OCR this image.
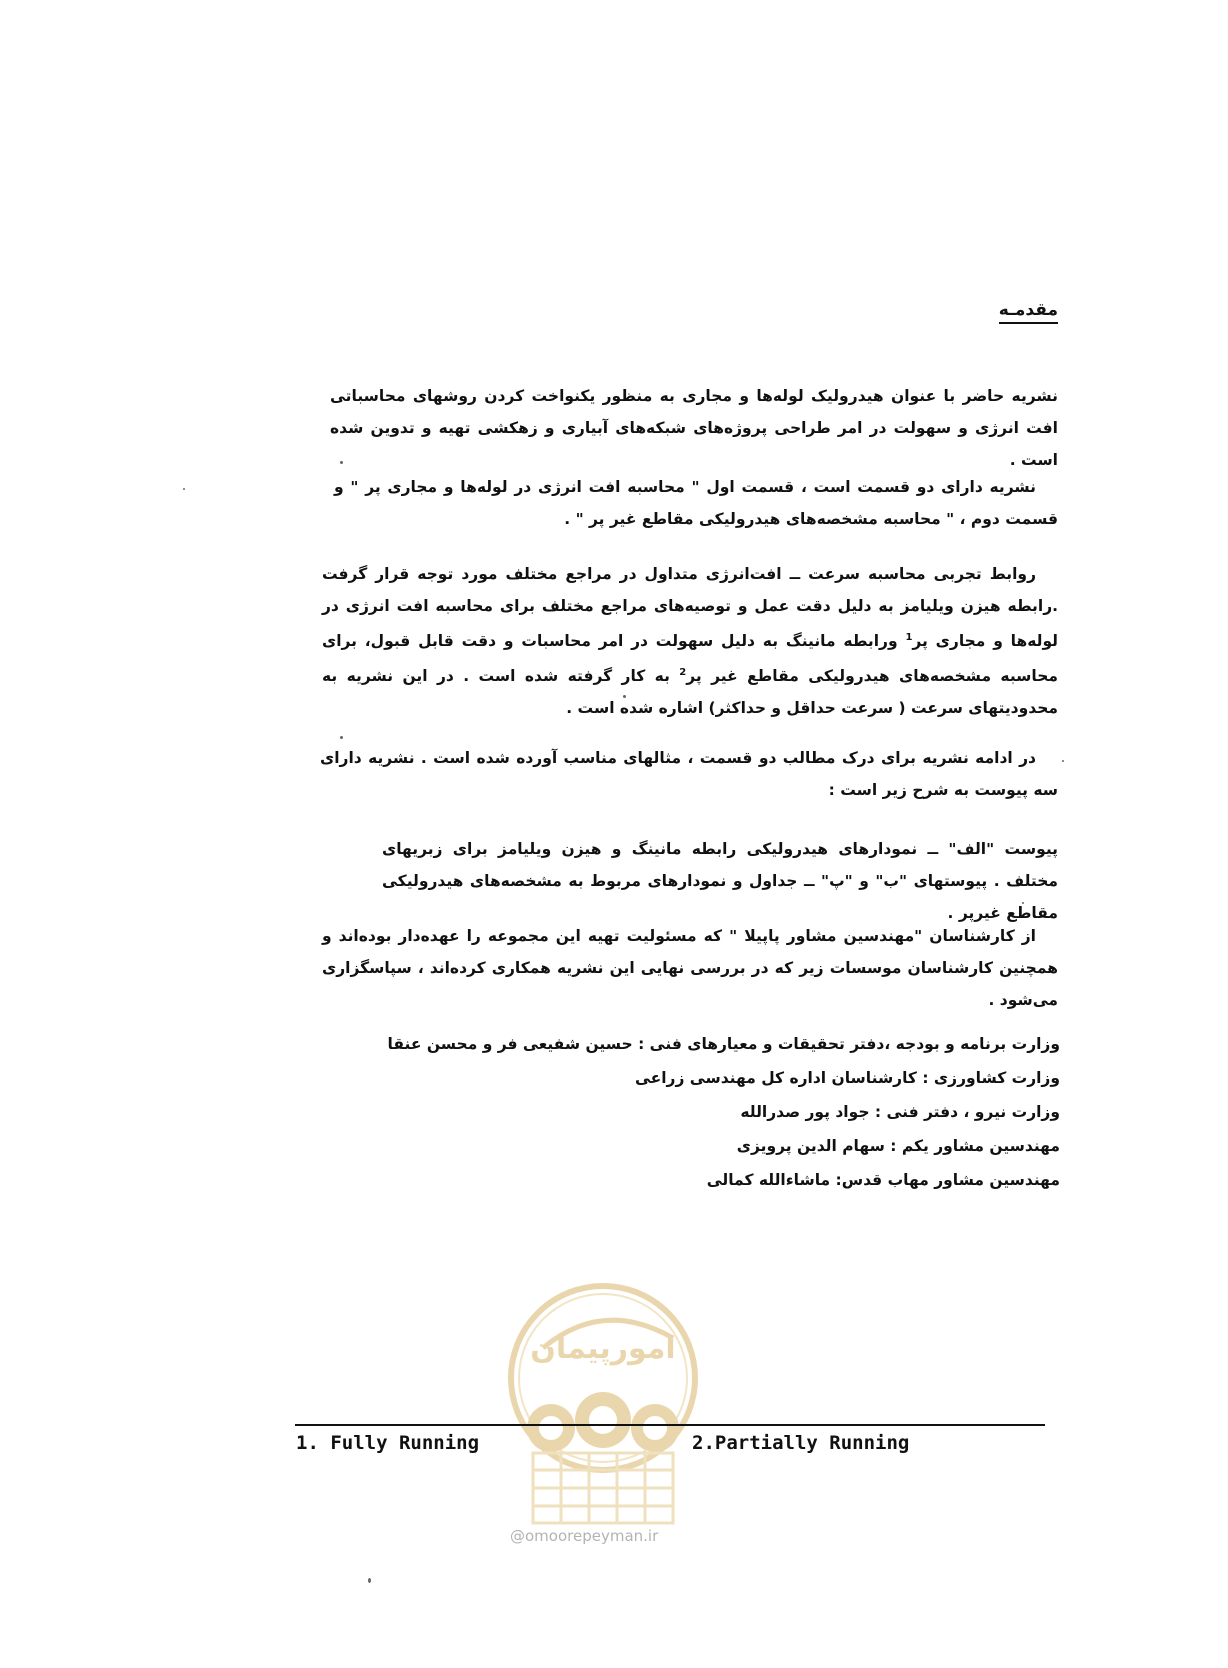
مقدمـه
نشریه حاضر با عنوان هیدرولیک لوله‌ها و مجاری به منظور یکنواخت کردن روشهای محاسباتی افت انرژی و سهولت در امر طراحی پروژه‌های شبکه‌های آبیاری و زهکشی تهیه و تدوین شده است .
نشریه دارای دو قسمت است ، قسمت اول " محاسبه افت انرژی در لوله‌ها و مجاری پر " و قسمت دوم ، " محاسبه مشخصه‌های هیدرولیکی مقاطع غیر پر " .
روابط تجربی محاسبه سرعت ــ افت‌انرژی متداول در مراجع مختلف مورد توجه قرار گرفت .رابطه هیزن ویلیامز به دلیل دقت عمل و توصیه‌های مراجع مختلف برای محاسبه افت انرژی در لوله‌ها و مجاری پر$^1$ ورابطه مانینگ به دلیل سهولت در امر محاسبات و دقت قابل قبول، برای محاسبه مشخصه‌های هیدرولیکی مقاطع غیر پر$^2$ به کار گرفته شده است . در این نشریه به محدودیتهای سرعت ( سرعت حداقل و حداکثر) اشاره شده است .
در ادامه نشریه برای درک مطالب دو قسمت ، مثالهای مناسب آورده شده است . نشریه دارای سه پیوست به شرح زیر است :
پیوست "الف" ــ نمودارهای هیدرولیکی رابطه مانینگ و هیزن ویلیامز برای زبریهای مختلف . پیوستهای "ب" و "پ" ــ جداول و نمودارهای مربوط به مشخصه‌های هیدرولیکی مقاطع غیرپر .
از کارشناسان "مهندسین مشاور پاپیلا " که مسئولیت تهیه این مجموعه را عهده‌دار بوده‌اند و همچنین کارشناسان موسسات زیر که در بررسی نهایی این نشریه همکاری کرده‌اند ، سپاسگزاری می‌شود .
وزارت برنامه و بودجه ،دفتر تحقیقات و معیارهای فنی : حسین شفیعی فر و محسن عنقا
وزارت کشاورزی : کارشناسان اداره کل مهندسی زراعی
وزارت نیرو ، دفتر فنی : جواد پور صدرالله
مهندسین مشاور یکم : سهام الدین پرویزی
مهندسین مشاور مهاب قدس: ماشاءالله کمالی
امورپیمان
1. Fully Running	2.Partially Running
@omoorepeyman.ir
